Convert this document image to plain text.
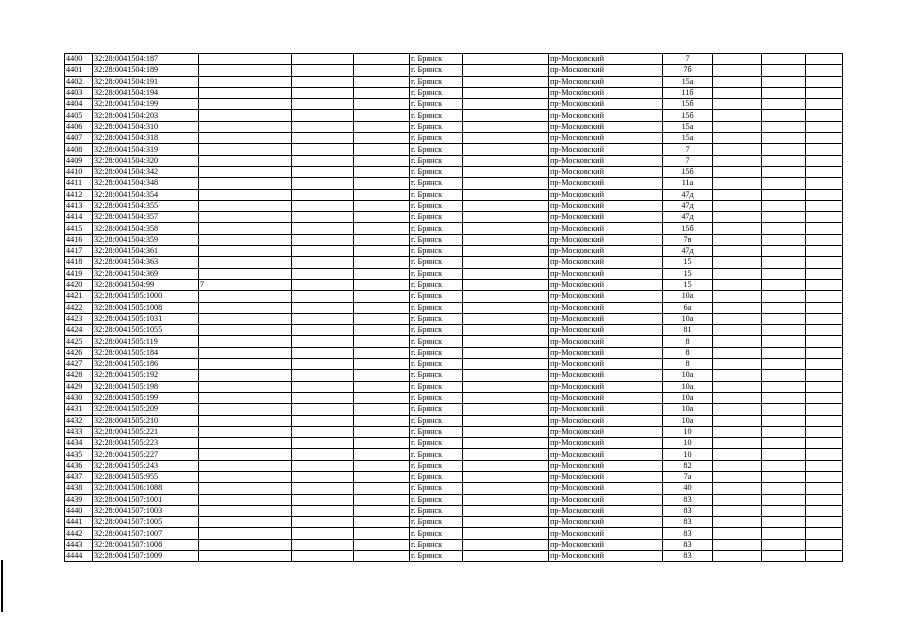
4400	32:28:0041504:187				г. Брянск		пр-Московский	7			
4401	32:28:0041504:189				г. Брянск		пр-Московский	7б			
4402	32:28:0041504:191				г. Брянск		пр-Московский	15а			
4403	32:28:0041504:194				г. Брянск		пр-Московский	11б			
4404	32:28:0041504:199				г. Брянск		пр-Московский	15б			
4405	32:28:0041504:203				г. Брянск		пр-Московский	15б			
4406	32:28:0041504:310				г. Брянск		пр-Московский	15а			
4407	32:28:0041504:318				г. Брянск		пр-Московский	15а			
4408	32:28:0041504:319				г. Брянск		пр-Московский	7			
4409	32:28:0041504:320				г. Брянск		пр-Московский	7			
4410	32:28:0041504:342				г. Брянск		пр-Московский	15б			
4411	32:28:0041504:348				г. Брянск		пр-Московский	11а			
4412	32:28:0041504:354				г. Брянск		пр-Московский	47д			
4413	32:28:0041504:355				г. Брянск		пр-Московский	47д			
4414	32:28:0041504:357				г. Брянск		пр-Московский	47д			
4415	32:28:0041504:358				г. Брянск		пр-Московский	15б			
4416	32:28:0041504:359				г. Брянск		пр-Московский	7в			
4417	32:28:0041504:361				г. Брянск		пр-Московский	47д			
4418	32:28:0041504:363				г. Брянск		пр-Московский	15			
4419	32:28:0041504:369				г. Брянск		пр-Московский	15			
4420	32:28:0041504:99	7			г. Брянск		пр-Московский	15			
4421	32:28:0041505:1000				г. Брянск		пр-Московский	10а			
4422	32:28:0041505:1008				г. Брянск		пр-Московский	6а			
4423	32:28:0041505:1031				г. Брянск		пр-Московский	10а			
4424	32:28:0041505:1055				г. Брянск		пр-Московский	81			
4425	32:28:0041505:119				г. Брянск		пр-Московский	8			
4426	32:28:0041505:184				г. Брянск		пр-Московский	8			
4427	32:28:0041505:186				г. Брянск		пр-Московский	8			
4428	32:28:0041505:192				г. Брянск		пр-Московский	10а			
4429	32:28:0041505:198				г. Брянск		пр-Московский	10а			
4430	32:28:0041505:199				г. Брянск		пр-Московский	10а			
4431	32:28:0041505:209				г. Брянск		пр-Московский	10а			
4432	32:28:0041505:210				г. Брянск		пр-Московский	10а			
4433	32:28:0041505:221				г. Брянск		пр-Московский	10			
4434	32:28:0041505:223				г. Брянск		пр-Московский	10			
4435	32:28:0041505:227				г. Брянск		пр-Московский	10			
4436	32:28:0041505:243				г. Брянск		пр-Московский	82			
4437	32:28:0041505:955				г. Брянск		пр-Московский	7а			
4438	32:28:0041506:1088				г. Брянск		пр-Московский	40			
4439	32:28:0041507:1001				г. Брянск		пр-Московский	83			
4440	32:28:0041507:1003				г. Брянск		пр-Московский	83			
4441	32:28:0041507:1005				г. Брянск		пр-Московский	83			
4442	32:28:0041507:1007				г. Брянск		пр-Московский	83			
4443	32:28:0041507:1008				г. Брянск		пр-Московский	83			
4444	32:28:0041507:1009				г. Брянск		пр-Московский	83			
